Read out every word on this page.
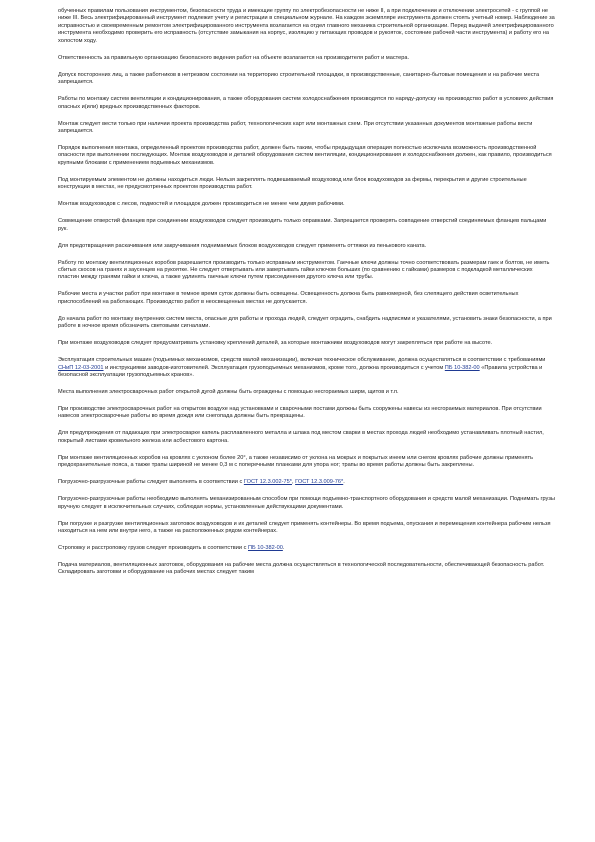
обученных правилам пользования инструментом, безопасности труда и имеющие группу по электробезопасности не ниже II, а при подключении и отключении электросетей - с группой не ниже III. Весь электрифицированный инструмент подлежит учету и регистрации в специальном журнале. На каждом экземпляре инструмента должен стоять учетный номер. Наблюдение за исправностью и своевременным ремонтом электрифицированного инструмента возлагается на отдел главного механика строительной организации. Перед выдачей электрифицированного инструмента необходимо проверить его исправность (отсутствие замыкания на корпус, изоляцию у питающих проводов и рукояток, состояние рабочей части инструмента) и работу его на холостом ходу.

Ответственность за правильную организацию безопасного ведения работ на объекте возлагается на производителя работ и мастера.

Допуск посторонних лиц, а также работников в нетрезвом состоянии на территорию строительной площадки, в производственные, санитарно-бытовые помещения и на рабочие места запрещается.

Работы по монтажу систем вентиляции и кондиционирования, а также оборудования систем холодоснабжения производятся по наряду-допуску на производство работ в условиях действия опасных и(или) вредных производственных факторов.

Монтаж следует вести только при наличии проекта производства работ, технологических карт или монтажных схем. При отсутствии указанных документов монтажные работы вести запрещается.

Порядок выполнения монтажа, определенный проектом производства работ, должен быть таким, чтобы предыдущая операция полностью исключала возможность производственной опасности при выполнении последующих. Монтаж воздуховодов и деталей оборудования систем вентиляции, кондиционирования и холодоснабжения должен, как правило, производиться крупными блоками с применением подъемных механизмов.

Под монтируемым элементом не должны находиться люди. Нельзя закреплять подвешиваемый воздуховод или блок воздуховодов за фермы, перекрытия и другие строительные конструкции в местах, не предусмотренных проектом производства работ.

Монтаж воздуховодов с лесов, подмостей и площадок должен производиться не менее чем двумя рабочими.

Совмещение отверстий фланцев при соединении воздуховодов следует производить только оправками. Запрещается проверять совпадение отверстий соединяемых фланцев пальцами рук.

Для предотвращения раскачивания или закручивания поднимаемых блоков воздуховодов следует применять оттяжки из пенькового каната.

Работу по монтажу вентиляционных коробов разрешается производить только исправным инструментом. Гаечные ключи должны точно соответствовать размерам гаек и болтов, не иметь сбитых скосов на гранях и заусенцев на рукоятке. Не следует отвертывать или завертывать гайки ключом больших (по сравнению с гайками) размеров с подкладкой металлических пластин между гранями гайки и ключа, а также удлинять гаечные ключи путем присоединения другого ключа или трубы.

Рабочие места и участки работ при монтаже в темное время суток должны быть освещены. Освещенность должна быть равномерной, без слепящего действия осветительных приспособлений на работающих. Производство работ в неосвещенных местах не допускается.

До начала работ по монтажу внутренних систем места, опасные для работы и прохода людей, следует оградить, снабдить надписями и указателями, установить знаки безопасности, а при работе в ночное время обозначить световыми сигналами.

При монтаже воздуховодов следует предусматривать установку креплений деталей, за которые монтажники воздуховодов могут закрепляться при работе на высоте.

Эксплуатация строительных машин (подъемных механизмов, средств малой механизации), включая техническое обслуживание, должна осуществляться в соответствии с требованиями СНиП 12-03-2001 и инструкциями заводов-изготовителей. Эксплуатация грузоподъемных механизмов, кроме того, должна производиться с учетом ПБ 10-382-00 «Правила устройства и безопасной эксплуатации грузоподъемных кранов».

Места выполнения электросварочных работ открытой дугой должны быть ограждены с помощью несгораемых ширм, щитов и т.п.

При производстве электросварочных работ на открытом воздухе над установками и сварочными постами должны быть сооружены навесы из несгораемых материалов. При отсутствии навесов электросварочные работы во время дождя или снегопада должны быть прекращены.

Для предупреждения от падающих при электросварке капель расплавленного металла и шлака под местом сварки в местах прохода людей необходимо устанавливать плотный настил, покрытый листами кровельного железа или асбестового картона.

При монтаже вентиляционных коробов на кровлях с уклоном более 20°, а также независимо от уклона на мокрых и покрытых инеем или снегом кровлях рабочие должны применять предохранительные пояса, а также трапы шириной не менее 0,3 м с поперечными планками для упора ног; трапы во время работы должны быть закреплены.

Погрузочно-разгрузочные работы следует выполнять в соответствии с ГОСТ 12.3.002-75*, ГОСТ 12.3.009-76*.

Погрузочно-разгрузочные работы необходимо выполнять механизированным способом при помощи подъемно-транспортного оборудования и средств малой механизации. Поднимать грузы вручную следует в исключительных случаях, соблюдая нормы, установленные действующими документами.

При погрузке и разгрузке вентиляционных заготовок воздуховодов и их деталей следует применять контейнеры. Во время подъема, опускания и перемещения контейнера рабочим нельзя находиться на нем или внутри него, а также на расположенных рядом контейнерах.

Строповку и расстроповку грузов следует производить в соответствии с ПБ 10-382-00.

Подача материалов, вентиляционных заготовок, оборудования на рабочие места должна осуществляться в технологической последовательности, обеспечивающей безопасность работ. Складировать заготовки и оборудование на рабочих местах следует таким
